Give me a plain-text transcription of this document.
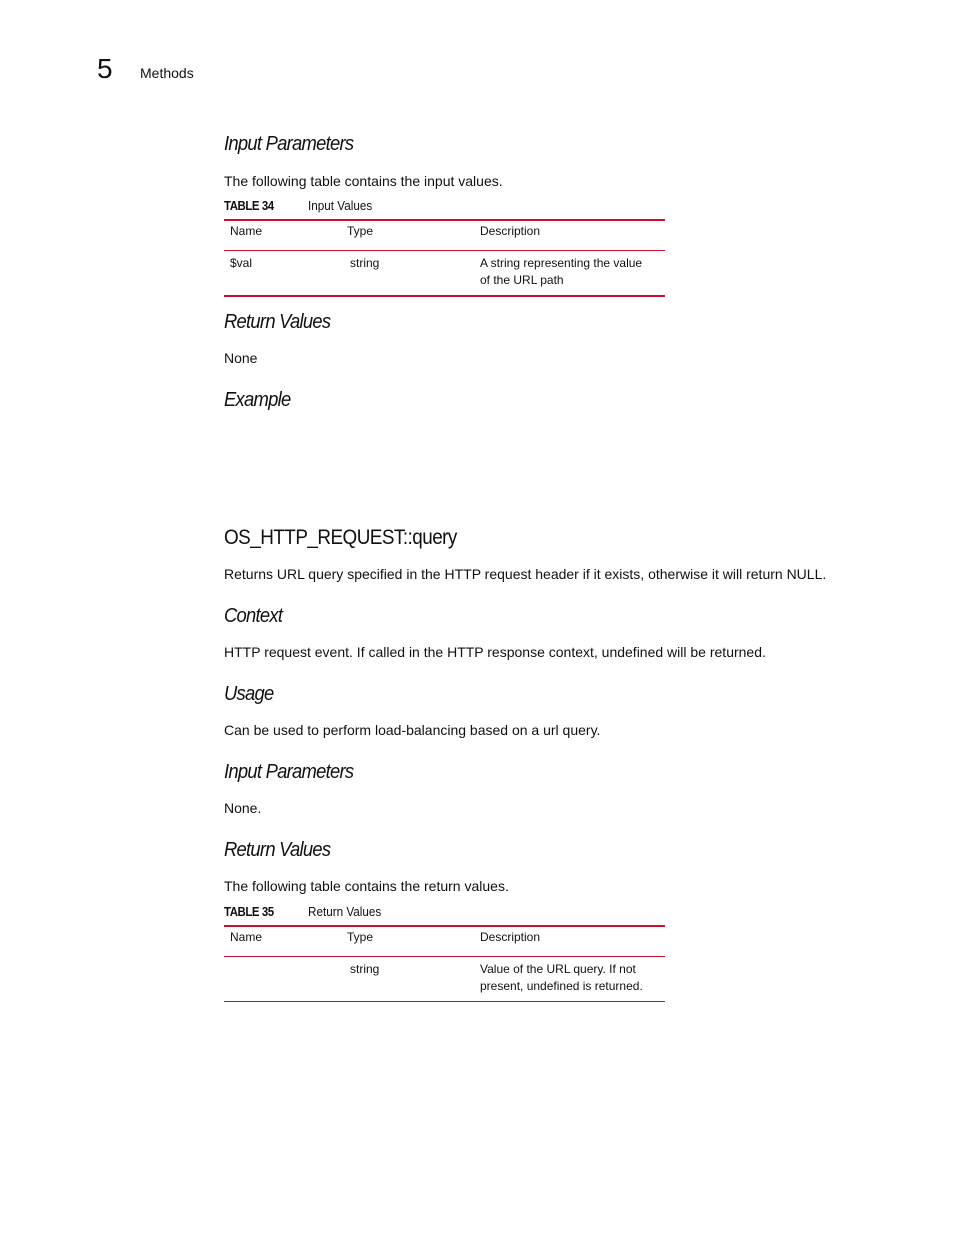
5 Methods
Input Parameters
The following table contains the input values.
TABLE 34	Input Values
Name	Type	Description
$val	string	A string representing the value
of the URL path
Return Values
None
Example
OS_HTTP_REQUEST::query
Returns URL query specified in the HTTP request header if it exists, otherwise it will return NULL.
Context
HTTP request event. If called in the HTTP response context, undefined will be returned.
Usage
Can be used to perform load-balancing based on a url query.
Input Parameters
None.
Return Values
The following table contains the return values.
TABLE 35	Return Values
Name	Type	Description
	string	Value of the URL query. If not
present, undefined is returned.
